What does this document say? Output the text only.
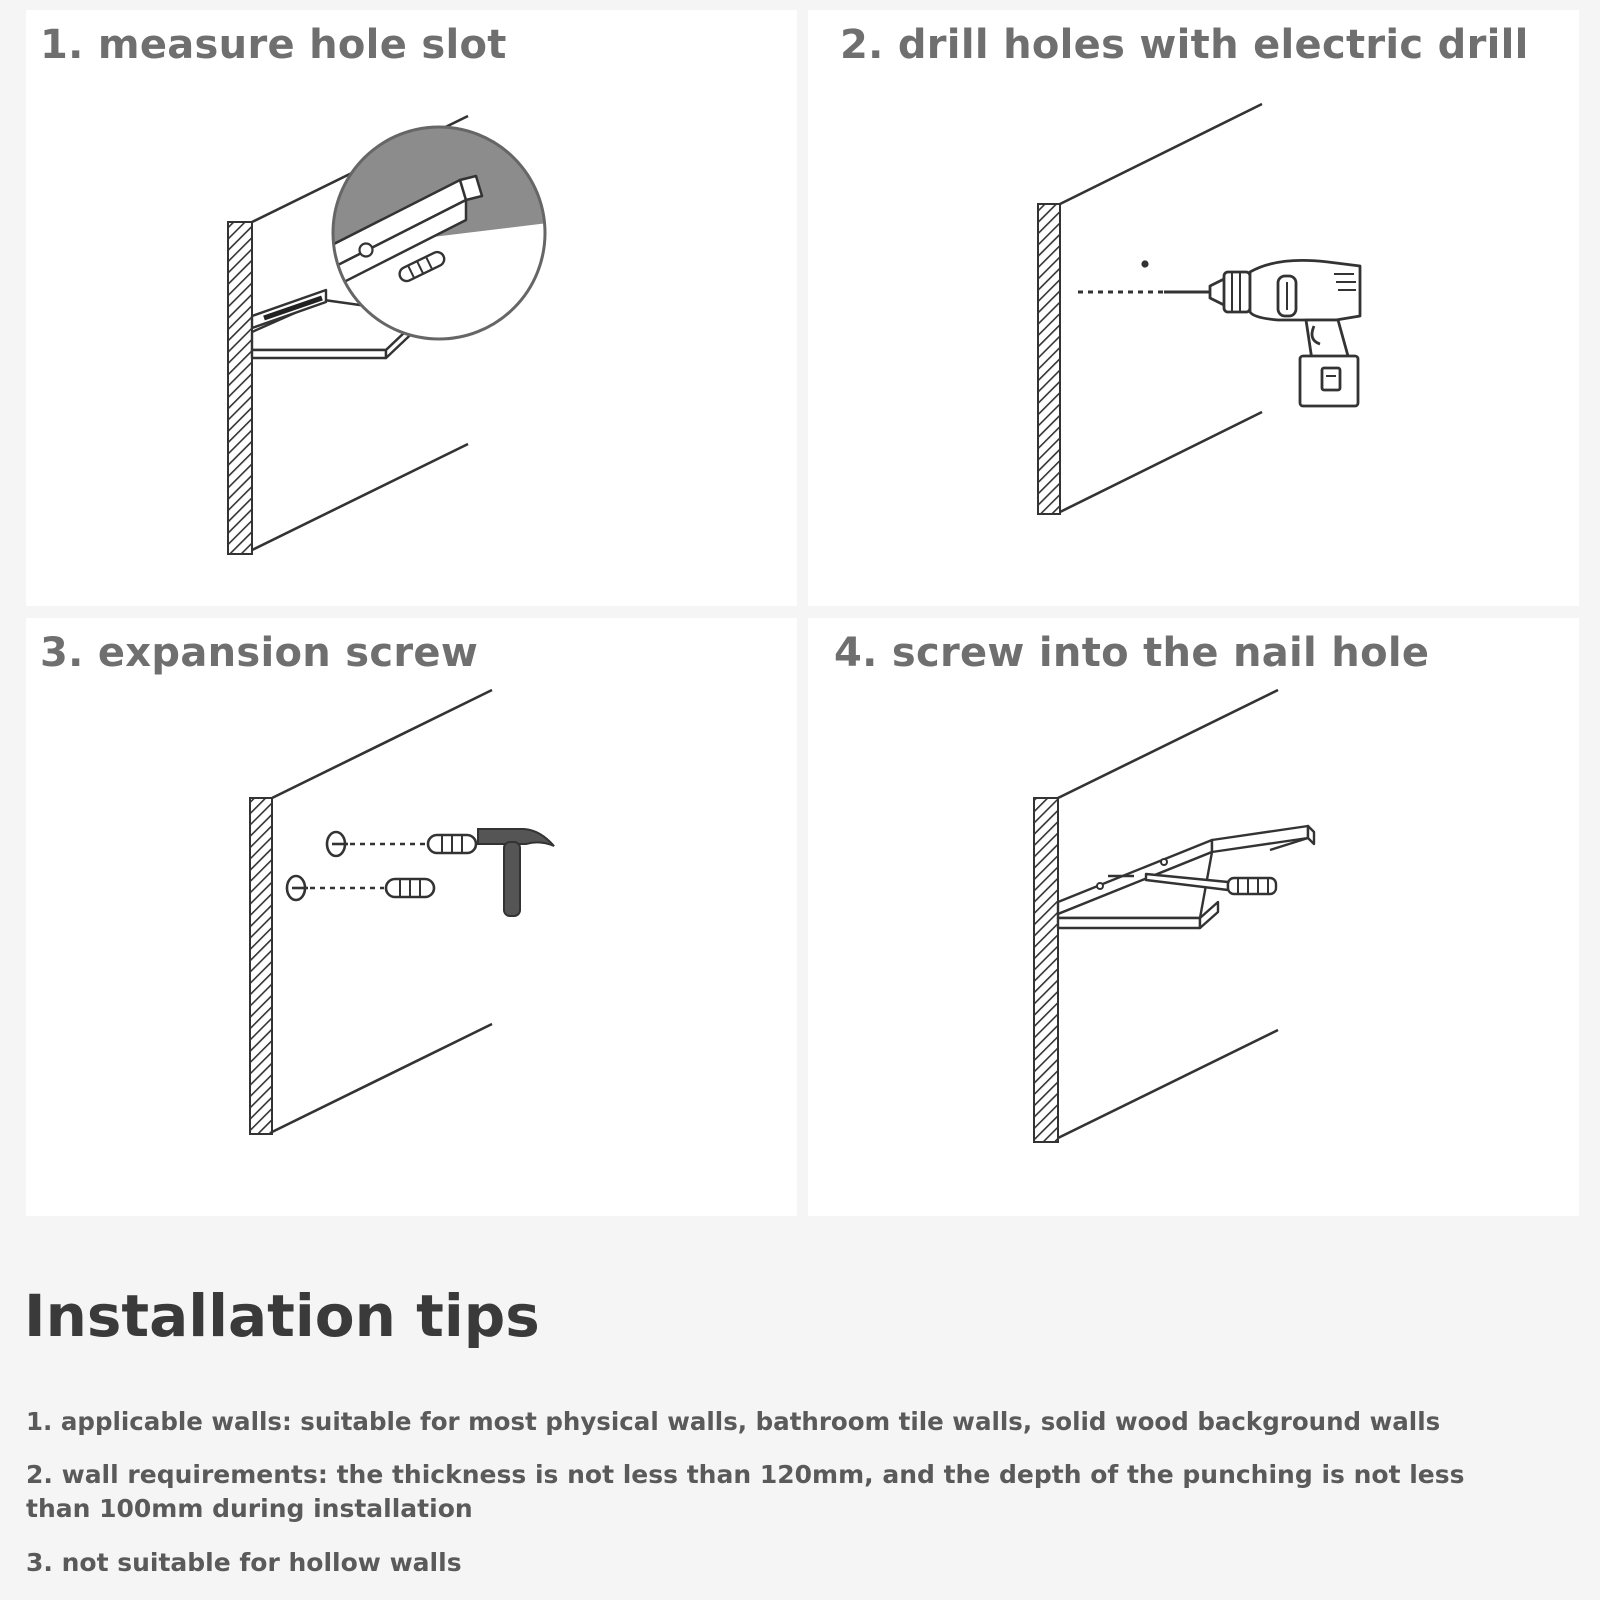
1. measure hole slot	2. drill holes with electric drill
3. expansion screw	4. screw into the nail hole
Installation tips

1. applicable walls: suitable for most physical walls, bathroom tile walls, solid wood background walls

2. wall requirements: the thickness is not less than 120mm, and the depth of the punching is not less than 100mm during installation

3. not suitable for hollow walls
